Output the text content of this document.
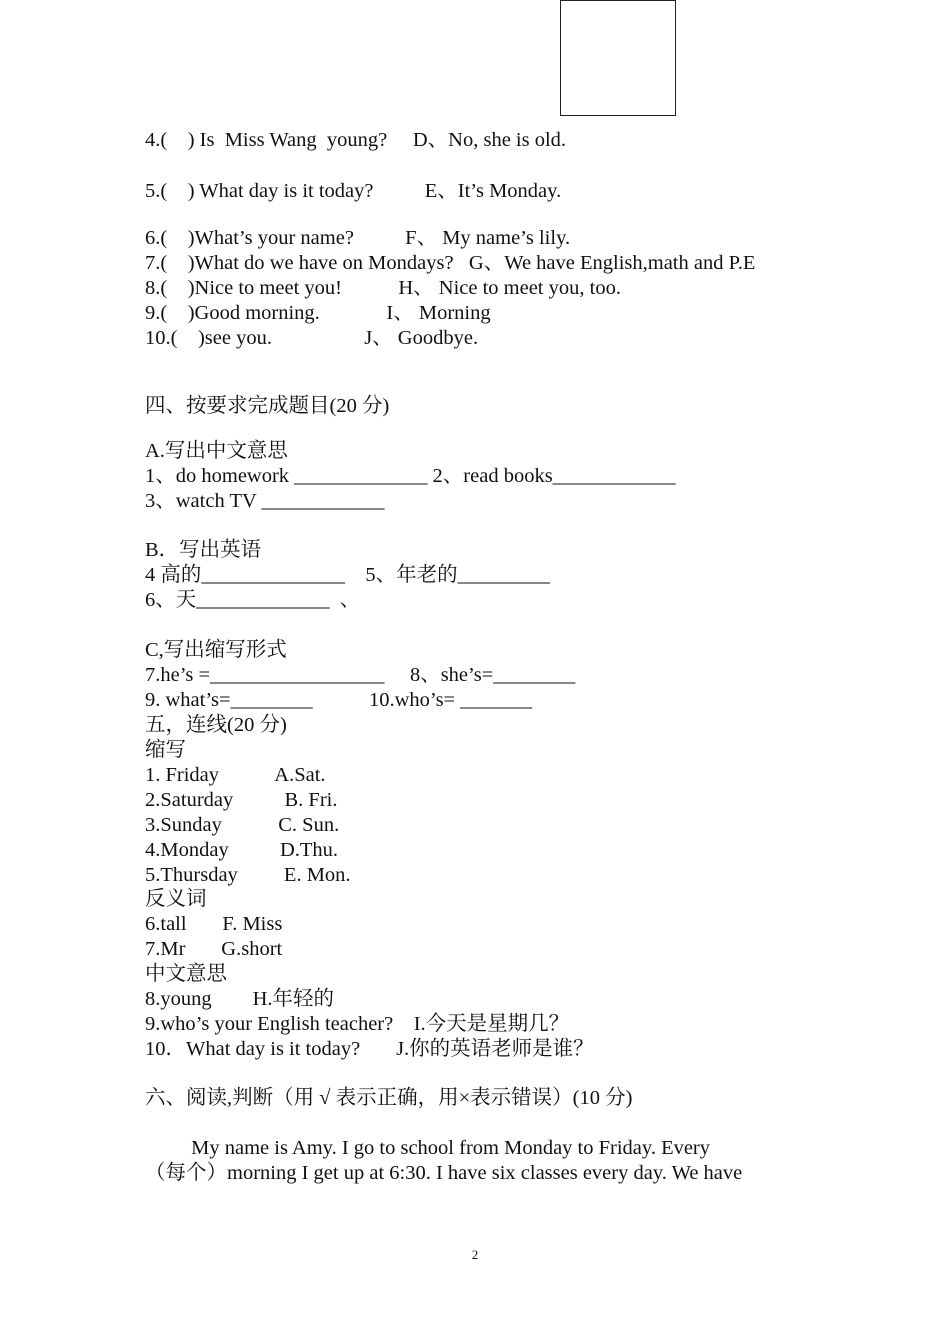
4.(    ) Is  Miss Wang  young?     D、No, she is old.
5.(    ) What day is it today?          E、It’s Monday.
6.(    )What’s your name?          F、 My name’s lily.
7.(    )What do we have on Mondays?   G、We have English,math and P.E
8.(    )Nice to meet you!           H、 Nice to meet you, too.
9.(    )Good morning.             I、 Morning
10.(    )see you.                  J、 Goodbye.
四、按要求完成题目(20 分)
A.写出中文意思
1、do homework _____________ 2、read books____________
3、watch TV ____________
B．写出英语
4 高的______________    5、年老的_________
6、天_____________  、
C,写出缩写形式
7.he’s =_________________     8、she’s=________
9. what’s=________           10.who’s= _______
五，连线(20 分)
缩写
1. Friday           A.Sat.
2.Saturday          B. Fri.
3.Sunday           C. Sun.
4.Monday          D.Thu.
5.Thursday         E. Mon.
反义词
6.tall       F. Miss
7.Mr       G.short
中文意思
8.young        H.年轻的
9.who’s your English teacher?    I.今天是星期几？
10．What day is it today?       J.你的英语老师是谁？
六、阅读,判断（用 √ 表示正确，用×表示错误）(10 分)
My name is Amy. I go to school from Monday to Friday. Every
（每个）morning I get up at 6:30. I have six classes every day. We have
2
